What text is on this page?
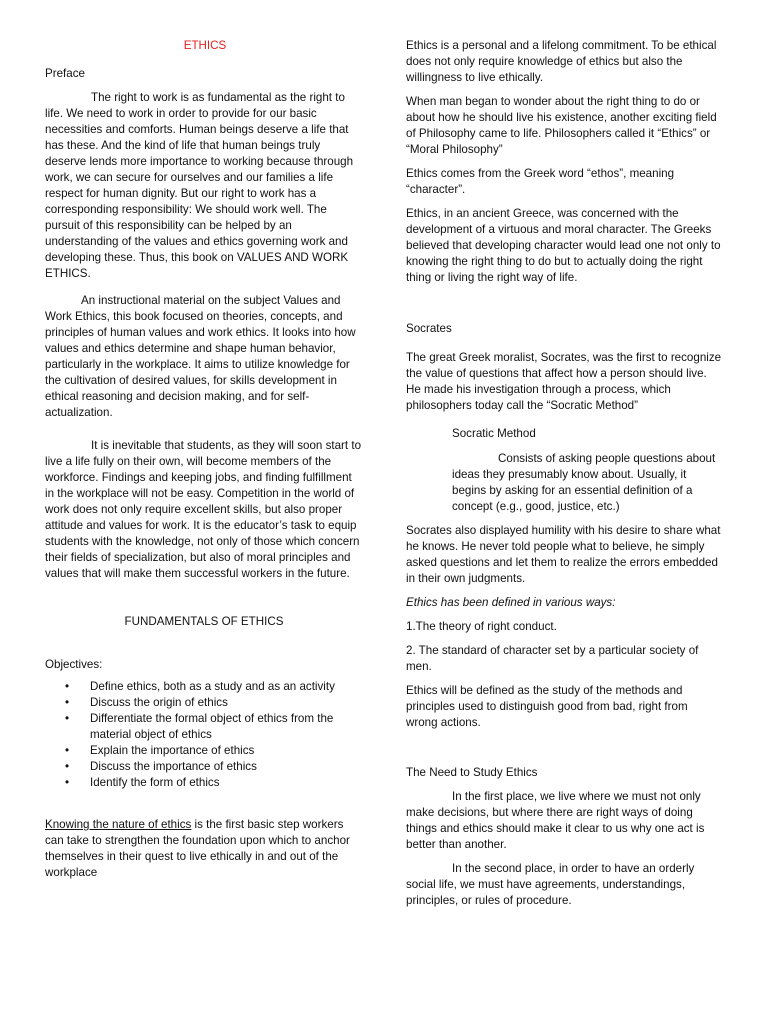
ETHICS

Preface

The right to work is as fundamental as the right to life. We need to work in order to provide for our basic necessities and comforts. Human beings deserve a life that has these. And the kind of life that human beings truly deserve lends more importance to working because through work, we can secure for ourselves and our families a life respect for human dignity. But our right to work has a corresponding responsibility: We should work well. The pursuit of this responsibility can be helped by an understanding of the values and ethics governing work and developing these. Thus, this book on VALUES AND WORK ETHICS.

An instructional material on the subject Values and Work Ethics, this book focused on theories, concepts, and principles of human values and work ethics. It looks into how values and ethics determine and shape human behavior, particularly in the workplace. It aims to utilize knowledge for the cultivation of desired values, for skills development in ethical reasoning and decision making, and for self-actualization.

It is inevitable that students, as they will soon start to live a life fully on their own, will become members of the workforce. Findings and keeping jobs, and finding fulfillment in the workplace will not be easy. Competition in the world of work does not only require excellent skills, but also proper attitude and values for work. It is the educator’s task to equip students with the knowledge, not only of those which concern their fields of specialization, but also of moral principles and values that will make them successful workers in the future.

FUNDAMENTALS OF ETHICS

Objectives:

• Define ethics, both as a study and as an activity
• Discuss the origin of ethics
• Differentiate the formal object of ethics from the material object of ethics
• Explain the importance of ethics
• Discuss the importance of ethics
• Identify the form of ethics

Knowing the nature of ethics is the first basic step workers can take to strengthen the foundation upon which to anchor themselves in their quest to live ethically in and out of the workplace

Ethics is a personal and a lifelong commitment. To be ethical does not only require knowledge of ethics but also the willingness to live ethically.

When man began to wonder about the right thing to do or about how he should live his existence, another exciting field of Philosophy came to life. Philosophers called it “Ethics” or “Moral Philosophy”

Ethics comes from the Greek word “ethos”, meaning “character”.

Ethics, in an ancient Greece, was concerned with the development of a virtuous and moral character. The Greeks believed that developing character would lead one not only to knowing the right thing to do but to actually doing the right thing or living the right way of life.

Socrates

The great Greek moralist, Socrates, was the first to recognize the value of questions that affect how a person should live. He made his investigation through a process, which philosophers today call the “Socratic Method”

Socratic Method

Consists of asking people questions about ideas they presumably know about. Usually, it begins by asking for an essential definition of a concept (e.g., good, justice, etc.)

Socrates also displayed humility with his desire to share what he knows. He never told people what to believe, he simply asked questions and let them to realize the errors embedded in their own judgments.

Ethics has been defined in various ways:

1.The theory of right conduct.

2. The standard of character set by a particular society of men.

Ethics will be defined as the study of the methods and principles used to distinguish good from bad, right from wrong actions.

The Need to Study Ethics

In the first place, we live where we must not only make decisions, but where there are right ways of doing things and ethics should make it clear to us why one act is better than another.

In the second place, in order to have an orderly social life, we must have agreements, understandings, principles, or rules of procedure.
